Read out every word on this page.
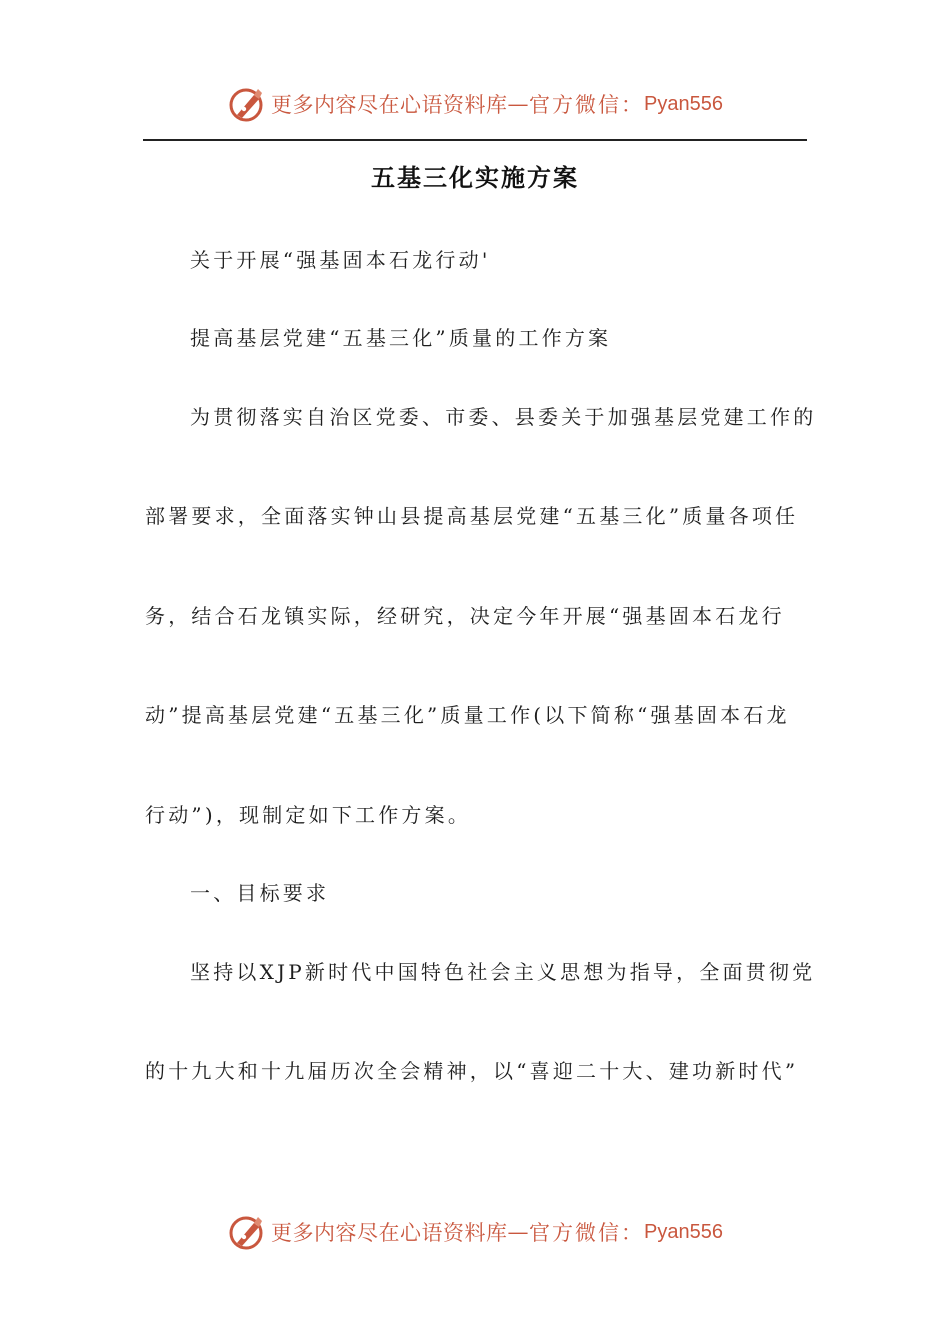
更多内容尽在心语资料库 — 官方微信： Pyan556
五基三化实施方案
关于开展“强基固本石龙行动'
提高基层党建“五基三化”质量的工作方案
为贯彻落实自治区党委、市委、县委关于加强基层党建工作的
部署要求，全面落实钟山县提高基层党建“五基三化”质量各项任
务，结合石龙镇实际，经研究，决定今年开展“强基固本石龙行
动”提高基层党建“五基三化”质量工作(以下简称“强基固本石龙
行动”)，现制定如下工作方案。
一、目标要求
坚持以XJP新时代中国特色社会主义思想为指导，全面贯彻党
的十九大和十九届历次全会精神，以“喜迎二十大、建功新时代”
更多内容尽在心语资料库 — 官方微信： Pyan556
